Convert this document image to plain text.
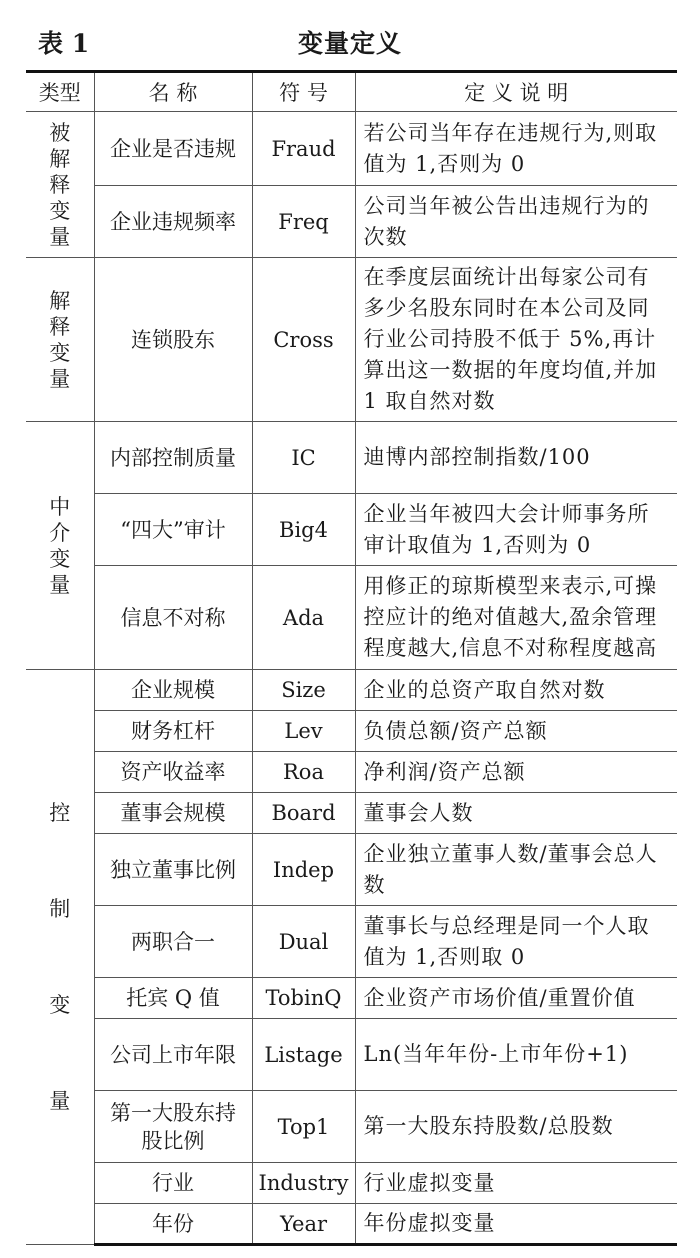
表 1	变量定义
类型	名 称	符 号	定 义 说 明
被解释变量	企业是否违规	Fraud	若公司当年存在违规行为,则取值为 1,否则为 0
	企业违规频率	Freq	公司当年被公告出违规行为的次数
解释变量	连锁股东	Cross	在季度层面统计出每家公司有多少名股东同时在本公司及同行业公司持股不低于 5%,再计算出这一数据的年度均值,并加 1 取自然对数
中介变量	内部控制质量	IC	迪博内部控制指数/100
	“四大”审计	Big4	企业当年被四大会计师事务所审计取值为 1,否则为 0
	信息不对称	Ada	用修正的琼斯模型来表示,可操控应计的绝对值越大,盈余管理程度越大,信息不对称程度越高
控制变量	企业规模	Size	企业的总资产取自然对数
	财务杠杆	Lev	负债总额/资产总额
	资产收益率	Roa	净利润/资产总额
	董事会规模	Board	董事会人数
	独立董事比例	Indep	企业独立董事人数/董事会总人数
	两职合一	Dual	董事长与总经理是同一个人取值为 1,否则取 0
	托宾 Q 值	TobinQ	企业资产市场价值/重置价值
	公司上市年限	Listage	Ln(当年年份-上市年份+1)
	第一大股东持股比例	Top1	第一大股东持股数/总股数
	行业	Industry	行业虚拟变量
	年份	Year	年份虚拟变量
